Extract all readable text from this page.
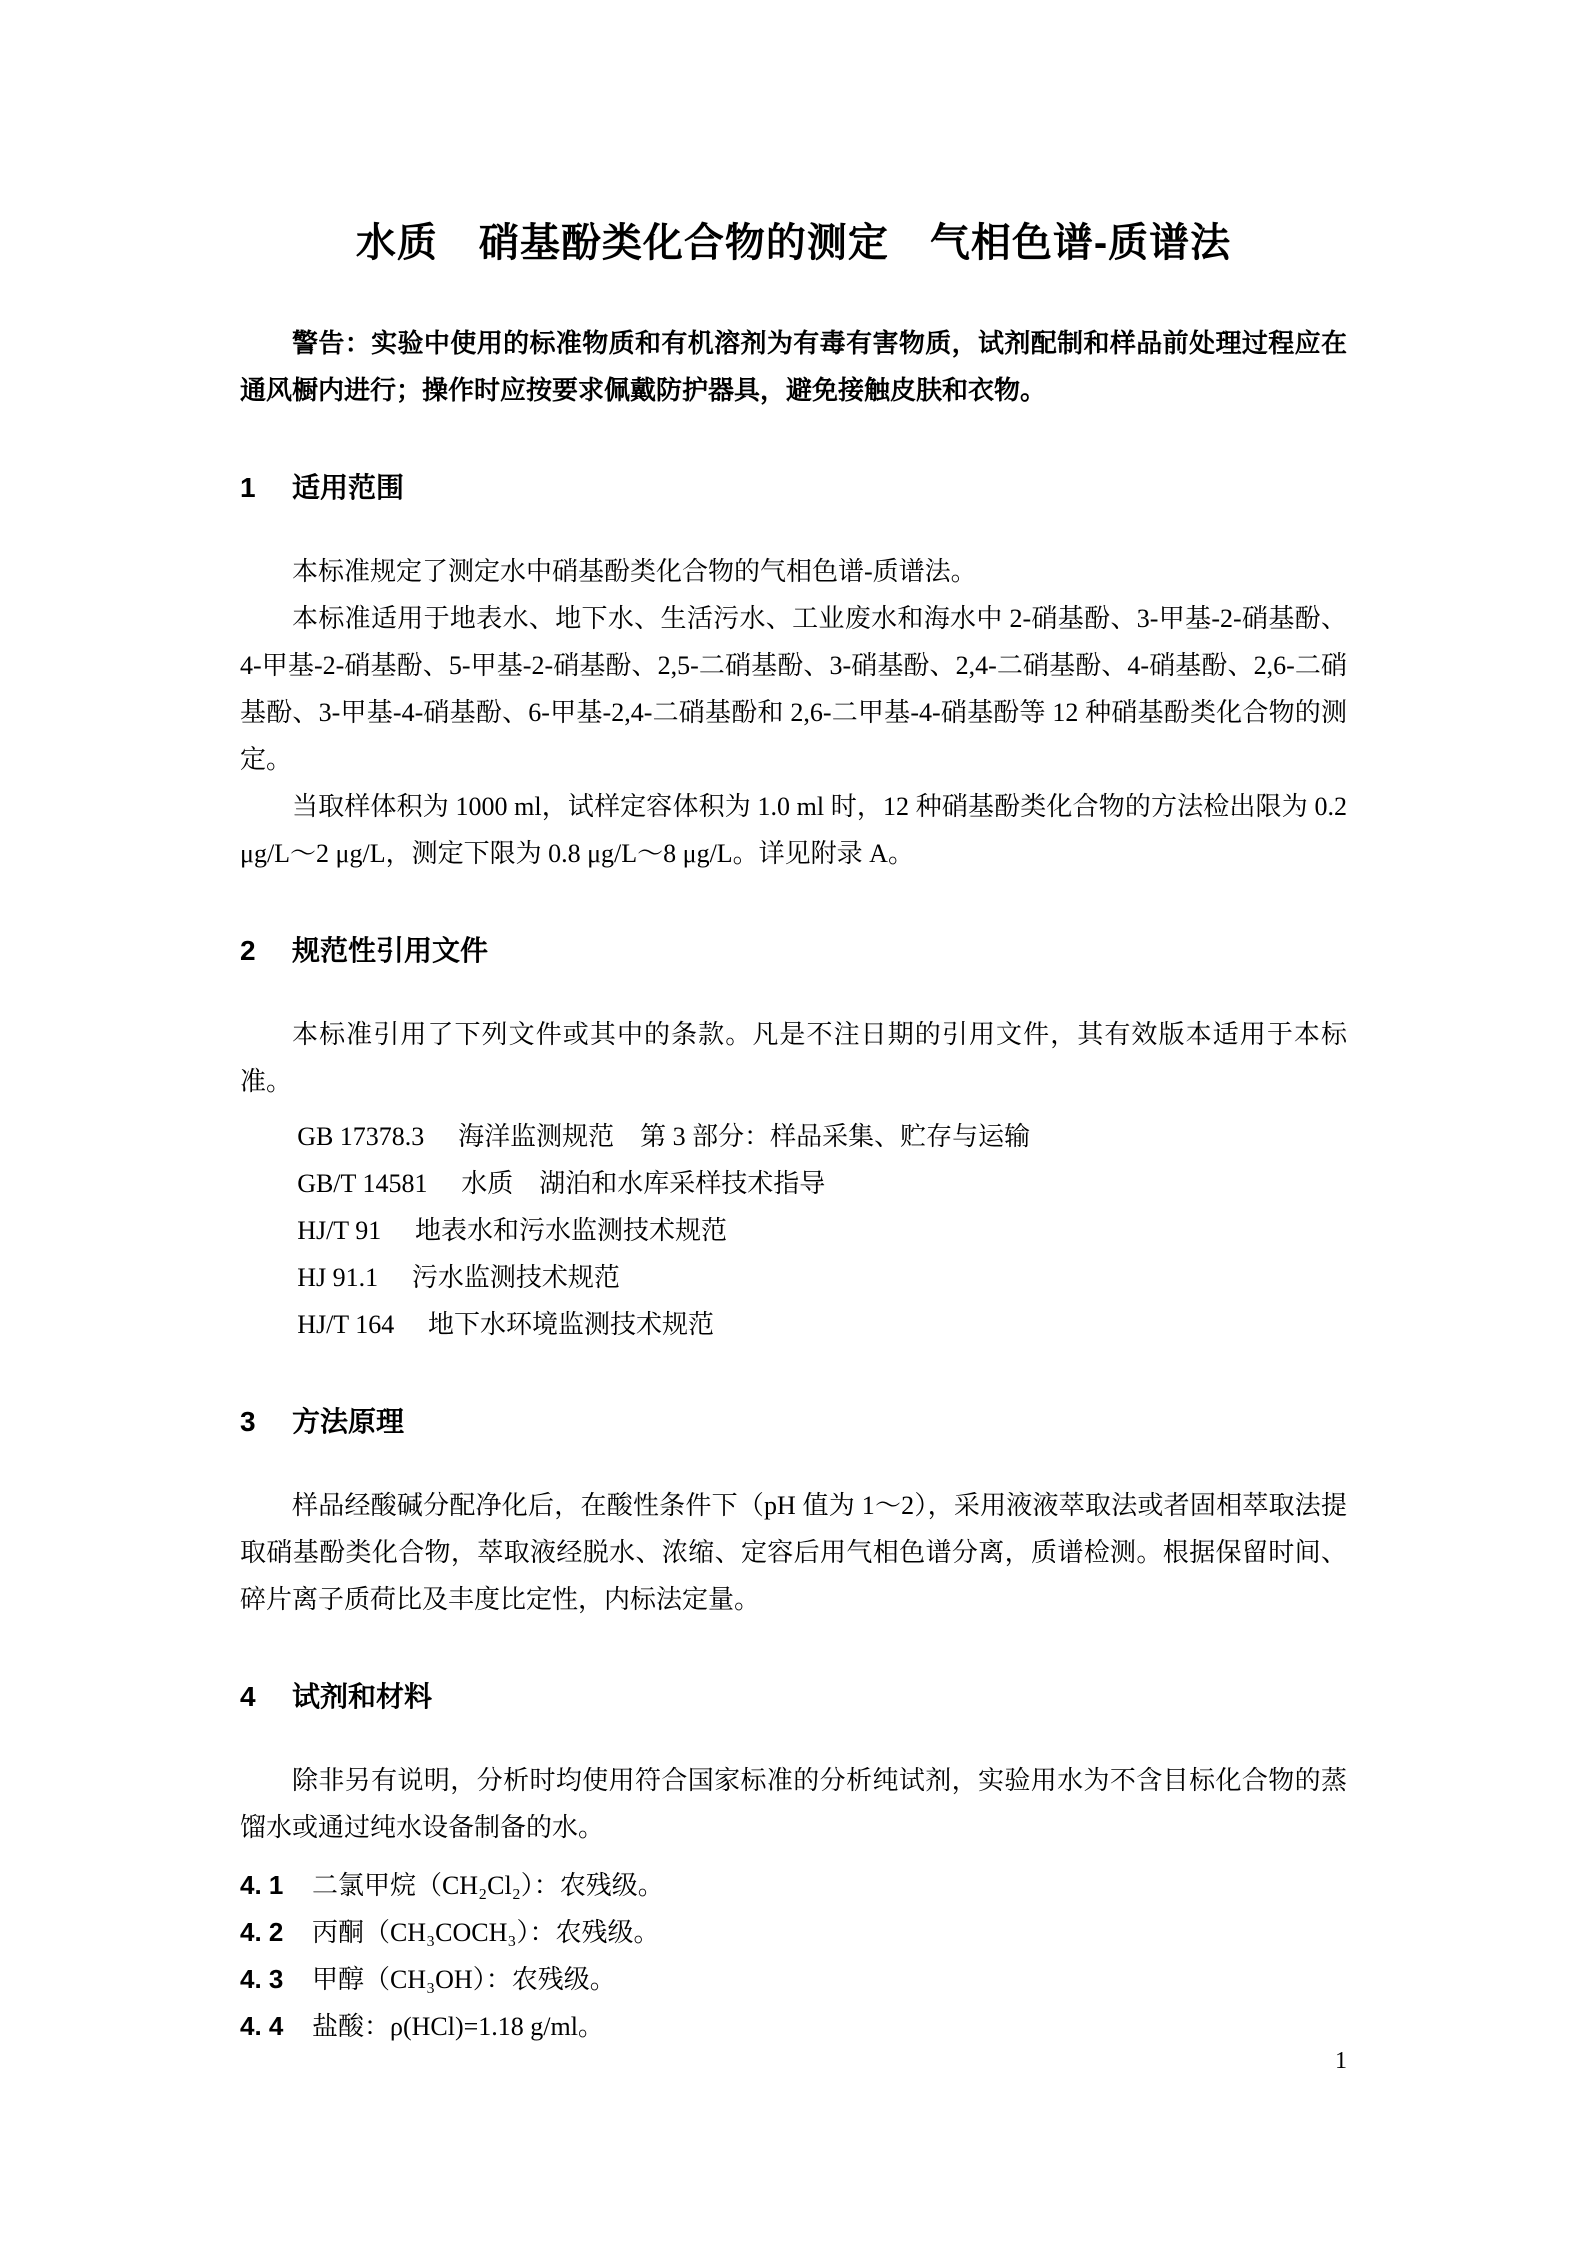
水质　硝基酚类化合物的测定　气相色谱-质谱法

警告：实验中使用的标准物质和有机溶剂为有毒有害物质，试剂配制和样品前处理过程应在通风橱内进行；操作时应按要求佩戴防护器具，避免接触皮肤和衣物。

1 适用范围

本标准规定了测定水中硝基酚类化合物的气相色谱-质谱法。

本标准适用于地表水、地下水、生活污水、工业废水和海水中 2-硝基酚、3-甲基-2-硝基酚、4-甲基-2-硝基酚、5-甲基-2-硝基酚、2,5-二硝基酚、3-硝基酚、2,4-二硝基酚、4-硝基酚、2,6-二硝基酚、3-甲基-4-硝基酚、6-甲基-2,4-二硝基酚和 2,6-二甲基-4-硝基酚等 12 种硝基酚类化合物的测定。

当取样体积为 1000 ml，试样定容体积为 1.0 ml 时，12 种硝基酚类化合物的方法检出限为 0.2 μg/L～2 μg/L，测定下限为 0.8 μg/L～8 μg/L。详见附录 A。

2 规范性引用文件

本标准引用了下列文件或其中的条款。凡是不注日期的引用文件，其有效版本适用于本标准。

GB 17378.3 海洋监测规范　第 3 部分：样品采集、贮存与运输
GB/T 14581 水质　湖泊和水库采样技术指导
HJ/T 91 地表水和污水监测技术规范
HJ 91.1 污水监测技术规范
HJ/T 164 地下水环境监测技术规范
3 方法原理

样品经酸碱分配净化后，在酸性条件下（pH 值为 1～2），采用液液萃取法或者固相萃取法提取硝基酚类化合物，萃取液经脱水、浓缩、定容后用气相色谱分离，质谱检测。根据保留时间、碎片离子质荷比及丰度比定性，内标法定量。

4 试剂和材料

除非另有说明，分析时均使用符合国家标准的分析纯试剂，实验用水为不含目标化合物的蒸馏水或通过纯水设备制备的水。

4. 1 二氯甲烷（CH₂Cl₂）：农残级。
4. 2 丙酮（CH₃COCH₃）：农残级。
4. 3 甲醇（CH₃OH）：农残级。
4. 4 盐酸：ρ(HCl)=1.18 g/ml。
1
